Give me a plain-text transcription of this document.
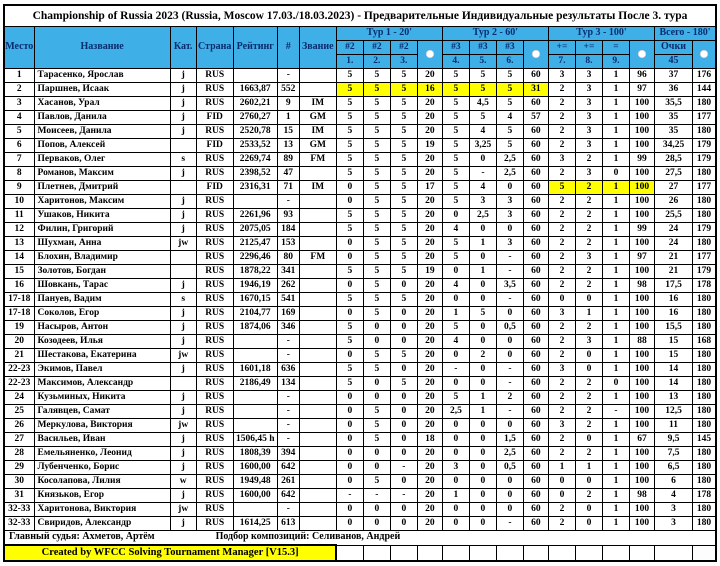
Championship of Russia 2023 (Russia, Moscow 17.03./18.03.2023) - Предварительные Индивидуальные результаты После 3. тура																				
Место	Название	Кат.	Страна	Рейтинг	#	Звание	Тур 1 - 20'				Тур 2 - 60'				Тур 3 - 100'				Всего - 180'	
							#2	#2	#2		#3	#3	#3		+=	+=	=		Очки	
							1.	2.	3.		4.	5.	6.		7.	8.	9.		45	
1	Тарасенко, Ярослав	j	RUS		-		5	5	5	20	5	5	5	60	3	3	1	96	37	176
2	Паршнев, Исаак	j	RUS	1663,87	552		5	5	5	16	5	5	5	31	2	3	1	97	36	144
3	Хасанов, Урал	j	RUS	2602,21	9	IM	5	5	5	20	5	4,5	5	60	2	3	1	100	35,5	180
4	Павлов, Данила	j	FID	2760,27	1	GM	5	5	5	20	5	5	4	57	2	3	1	100	35	177
5	Моисеев, Данила	j	RUS	2520,78	15	IM	5	5	5	20	5	4	5	60	2	3	1	100	35	180
6	Попов, Алексей		FID	2533,52	13	GM	5	5	5	19	5	3,25	5	60	2	3	1	100	34,25	179
7	Перваков, Олег	s	RUS	2269,74	89	FM	5	5	5	20	5	0	2,5	60	3	2	1	99	28,5	179
8	Романов, Максим	j	RUS	2398,52	47		5	5	5	20	5	-	2,5	60	2	3	0	100	27,5	180
9	Плетнев, Дмитрий		FID	2316,31	71	IM	0	5	5	17	5	4	0	60	5	2	1	100	27	177
10	Харитонов, Максим	j	RUS		-		0	5	5	20	5	3	3	60	2	2	1	100	26	180
11	Ушаков, Никита	j	RUS	2261,96	93		5	5	5	20	0	2,5	3	60	2	2	1	100	25,5	180
12	Филин, Григорий	j	RUS	2075,05	184		5	5	5	20	4	0	0	60	2	2	1	99	24	179
13	Шухман, Анна	jw	RUS	2125,47	153		0	5	5	20	5	1	3	60	2	2	1	100	24	180
14	Блохин, Владимир		RUS	2296,46	80	FM	0	5	5	20	5	0	-	60	2	3	1	97	21	177
15	Золотов, Богдан		RUS	1878,22	341		5	5	5	19	0	1	-	60	2	2	1	100	21	179
16	Шовкань, Тарас	j	RUS	1946,19	262		0	5	0	20	4	0	3,5	60	2	2	1	98	17,5	178
17-18	Пануев, Вадим	s	RUS	1670,15	541		5	5	5	20	0	0	-	60	0	0	1	100	16	180
17-18	Соколов, Егор	j	RUS	2104,77	169		0	5	0	20	1	5	0	60	3	1	1	100	16	180
19	Насыров, Антон	j	RUS	1874,06	346		5	0	0	20	5	0	0,5	60	2	2	1	100	15,5	180
20	Козодеев, Илья	j	RUS		-		5	0	0	20	4	0	0	60	2	3	1	88	15	168
21	Шестакова, Екатерина	jw	RUS		-		0	5	5	20	0	2	0	60	2	0	1	100	15	180
22-23	Экимов, Павел	j	RUS	1601,18	636		5	5	0	20	-	0	-	60	3	0	1	100	14	180
22-23	Максимов, Александр		RUS	2186,49	134		5	0	5	20	0	0	-	60	2	2	0	100	14	180
24	Кузьминых, Никита	j	RUS		-		0	0	0	20	5	1	2	60	2	2	1	100	13	180
25	Галявцев, Самат	j	RUS		-		0	5	0	20	2,5	1	-	60	2	2	-	100	12,5	180
26	Меркулова, Виктория	jw	RUS		-		0	5	0	20	0	0	0	60	3	2	1	100	11	180
27	Васильев, Иван	j	RUS	1506,45 h	-		0	5	0	18	0	0	1,5	60	2	0	1	67	9,5	145
28	Емельяненко, Леонид	j	RUS	1808,39	394		0	0	0	20	0	0	2,5	60	2	2	1	100	7,5	180
29	Лубенченко, Борис	j	RUS	1600,00	642		0	0	-	20	3	0	0,5	60	1	1	1	100	6,5	180
30	Косолапова, Лилия	w	RUS	1949,48	261		0	5	0	20	0	0	0	60	0	0	1	100	6	180
31	Князьков, Егор	j	RUS	1600,00	642		-	-	-	20	1	0	0	60	0	2	1	98	4	178
32-33	Харитонова, Виктория	jw	RUS		-		0	0	0	20	0	0	0	60	2	0	1	100	3	180
32-33	Свиридов, Александр	j	RUS	1614,25	613		0	0	0	20	0	0	-	60	2	0	1	100	3	180
Главный судья: Ахметов, Артём Подбор композиций: Селиванов, Андрей																				
Created by WFCC Solving Tournament Manager [V15.3]																				
